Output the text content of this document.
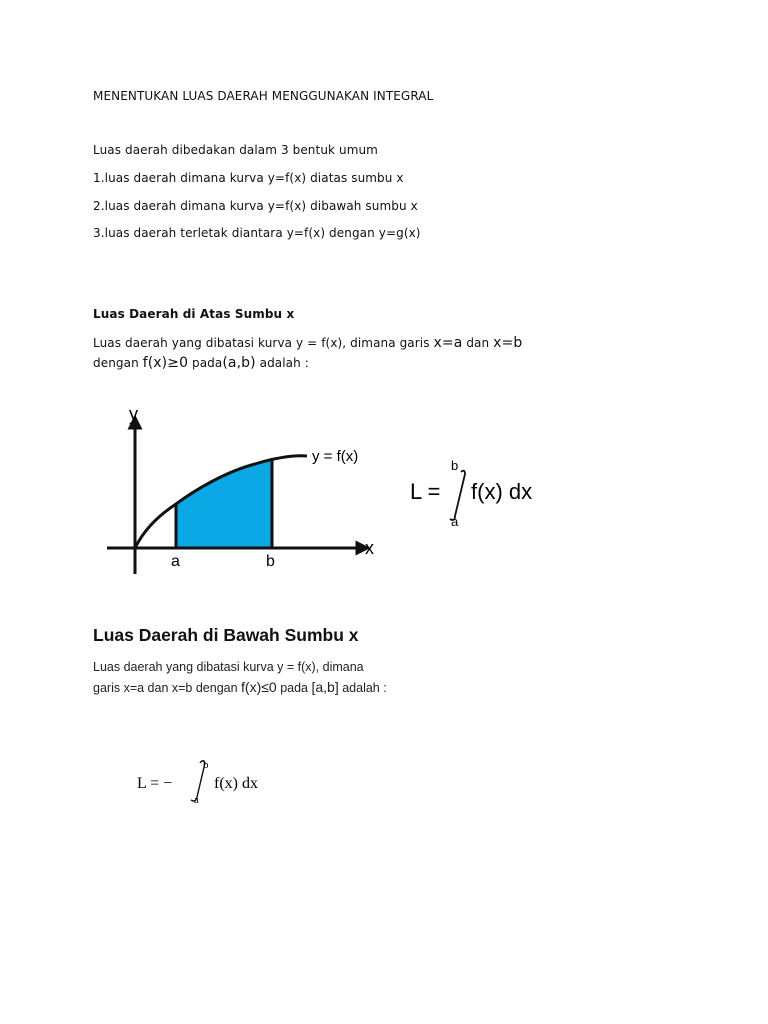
MENENTUKAN LUAS DAERAH MENGGUNAKAN INTEGRAL
Luas daerah dibedakan dalam 3 bentuk umum
1.luas daerah dimana kurva y=f(x) diatas sumbu x
2.luas daerah dimana kurva y=f(x) dibawah sumbu x
3.luas daerah terletak diantara y=f(x) dengan y=g(x)
Luas Daerah di Atas Sumbu x
Luas daerah yang dibatasi kurva y = f(x), dimana garis x=a dan x=b
dengan f(x)≥0 pada(a,b) adalah :
y
x
y = f(x)
a	b
L =
b
a
f(x) dx
Luas Daerah di Bawah Sumbu x
Luas daerah yang dibatasi kurva y = f(x), dimana
garis x=a dan x=b dengan f(x)≤0 pada [a,b] adalah :
L = −
b
a
f(x) dx
